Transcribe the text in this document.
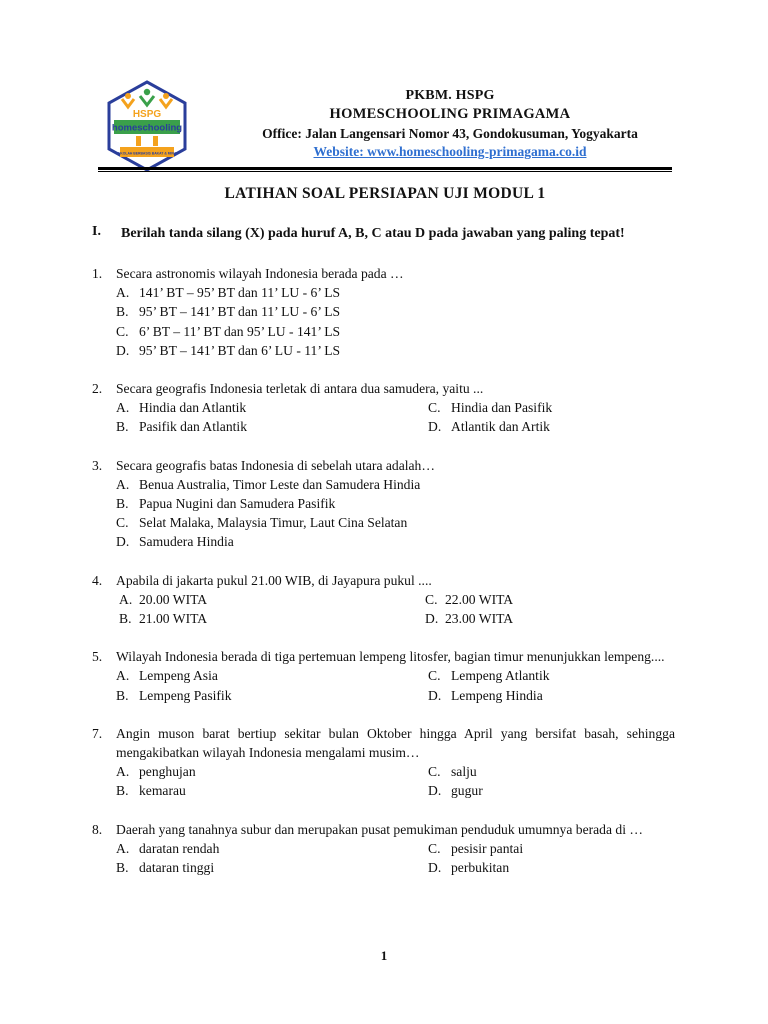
HSPG
homeschooling
SEKOLAH BERBASIS BAKAT & MINAT
PKBM. HSPG
HOMESCHOOLING PRIMAGAMA
Office: Jalan Langensari Nomor 43, Gondokusuman, Yogyakarta
Website: www.homeschooling-primagama.co.id
LATIHAN SOAL PERSIAPAN UJI MODUL 1
I. Berilah tanda silang (X) pada huruf A, B, C atau D pada jawaban yang paling tepat!
1.	Secara astronomis wilayah Indonesia berada pada …
A. 141’ BT – 95’ BT dan 11’ LU - 6’ LS
B. 95’ BT – 141’ BT dan 11’ LU - 6’ LS
C. 6’ BT – 11’ BT dan 95’ LU - 141’ LS
D. 95’ BT – 141’ BT dan 6’ LU - 11’ LS
2.	Secara geografis Indonesia terletak di antara dua samudera, yaitu ...
A. Hindia dan Atlantik	C. Hindia dan Pasifik
B. Pasifik dan Atlantik	D. Atlantik dan Artik
3.	Secara geografis batas Indonesia di sebelah utara adalah…
A. Benua Australia, Timor Leste dan Samudera Hindia
B. Papua Nugini dan Samudera Pasifik
C. Selat Malaka, Malaysia Timur, Laut Cina Selatan
D. Samudera Hindia
4.	Apabila di jakarta pukul 21.00 WIB, di Jayapura pukul ....
A. 20.00 WITA	C. 22.00 WITA
B. 21.00 WITA	D. 23.00 WITA
5.	Wilayah Indonesia berada di tiga pertemuan lempeng litosfer, bagian timur menunjukkan lempeng....
A. Lempeng Asia	C. Lempeng Atlantik
B. Lempeng Pasifik	D. Lempeng Hindia
7.	Angin muson barat bertiup sekitar bulan Oktober hingga April yang bersifat basah, sehingga mengakibatkan wilayah Indonesia mengalami musim…
A. penghujan	C. salju
B. kemarau	D. gugur
8.	Daerah yang tanahnya subur dan merupakan pusat pemukiman penduduk umumnya berada di …
A. daratan rendah	C. pesisir pantai
B. dataran tinggi	D. perbukitan
1
